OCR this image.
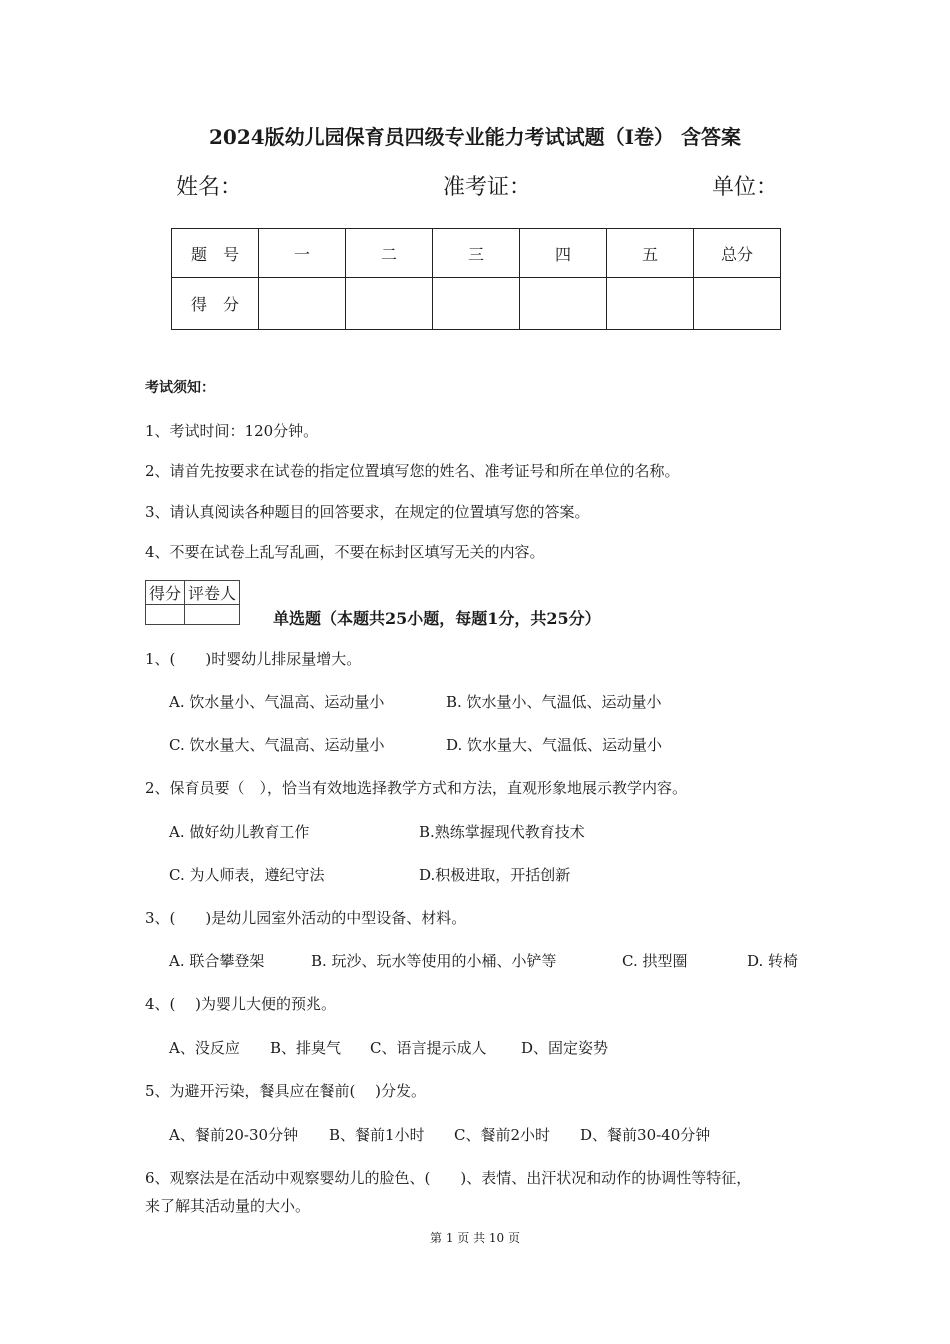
2024版幼儿园保育员四级专业能力考试试题（I卷） 含答案
姓名：	准考证：	单位：
题　号	一	二	三	四	五	总分
得　分						
考试须知：
1、考试时间：120分钟。
2、请首先按要求在试卷的指定位置填写您的姓名、准考证号和所在单位的名称。
3、请认真阅读各种题目的回答要求，在规定的位置填写您的答案。
4、不要在试卷上乱写乱画，不要在标封区填写无关的内容。
得分	评卷人

单选题（本题共25小题，每题1分，共25分）
1、(　　)时婴幼儿排尿量增大。
A. 饮水量小、气温高、运动量小	B. 饮水量小、气温低、运动量小
C. 饮水量大、气温高、运动量小	D. 饮水量大、气温低、运动量小
2、保育员要（　），恰当有效地选择教学方式和方法，直观形象地展示教学内容。
A. 做好幼儿教育工作	B.熟练掌握现代教育技术
C. 为人师表，遵纪守法	D.积极进取，开括创新
3、(　　)是幼儿园室外活动的中型设备、材料。
A. 联合攀登架	B. 玩沙、玩水等使用的小桶、小铲等	C. 拱型圈	D. 转椅
4、(　 )为婴儿大便的预兆。
A、没反应 B、排臭气 C、语言提示成人 D、固定姿势
5、为避开污染，餐具应在餐前(　 )分发。
A、餐前20-30分钟 B、餐前1小时 C、餐前2小时 D、餐前30-40分钟
6、观察法是在活动中观察婴幼儿的脸色、(　　)、表情、出汗状况和动作的协调性等特征，
来了解其活动量的大小。
第 1 页 共 10 页
